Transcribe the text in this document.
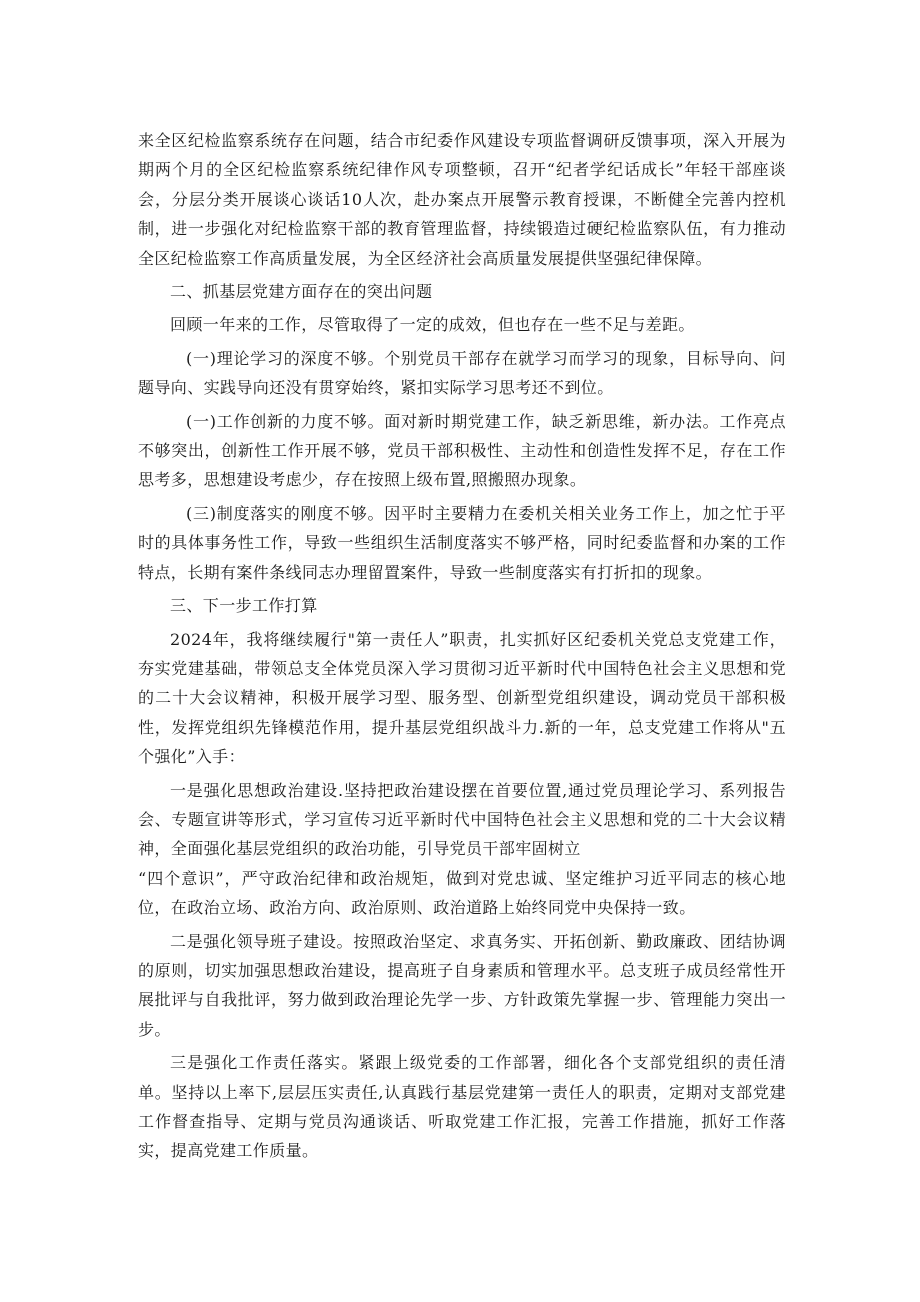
来全区纪检监察系统存在问题，结合市纪委作风建设专项监督调研反馈事项，深入开展为期两个月的全区纪检监察系统纪律作风专项整顿，召开“纪者学纪话成长”年轻干部座谈会，分层分类开展谈心谈话10人次，赴办案点开展警示教育授课，不断健全完善内控机制，进一步强化对纪检监察干部的教育管理监督，持续锻造过硬纪检监察队伍，有力推动全区纪检监察工作高质量发展，为全区经济社会高质量发展提供坚强纪律保障。

二、抓基层党建方面存在的突出问题

回顾一年来的工作，尽管取得了一定的成效，但也存在一些不足与差距。

(一)理论学习的深度不够。个别党员干部存在就学习而学习的现象，目标导向、问题导向、实践导向还没有贯穿始终，紧扣实际学习思考还不到位。

(一)工作创新的力度不够。面对新时期党建工作，缺乏新思维，新办法。工作亮点不够突出，创新性工作开展不够，党员干部积极性、主动性和创造性发挥不足，存在工作思考多，思想建设考虑少，存在按照上级布置,照搬照办现象。

(三)制度落实的刚度不够。因平时主要精力在委机关相关业务工作上，加之忙于平时的具体事务性工作，导致一些组织生活制度落实不够严格，同时纪委监督和办案的工作特点，长期有案件条线同志办理留置案件，导致一些制度落实有打折扣的现象。

三、下一步工作打算

2024年，我将继续履行"第一责任人”职责，扎实抓好区纪委机关党总支党建工作，夯实党建基础，带领总支全体党员深入学习贯彻习近平新时代中国特色社会主义思想和党的二十大会议精神，积极开展学习型、服务型、创新型党组织建设，调动党员干部积极性，发挥党组织先锋模范作用，提升基层党组织战斗力.新的一年，总支党建工作将从"五个强化”入手：

一是强化思想政治建设.坚持把政治建设摆在首要位置,通过党员理论学习、系列报告会、专题宣讲等形式，学习宣传习近平新时代中国特色社会主义思想和党的二十大会议精神，全面强化基层党组织的政治功能，引导党员干部牢固树立

“四个意识”，严守政治纪律和政治规矩，做到对党忠诚、坚定维护习近平同志的核心地位，在政治立场、政治方向、政治原则、政治道路上始终同党中央保持一致。

二是强化领导班子建设。按照政治坚定、求真务实、开拓创新、勤政廉政、团结协调的原则，切实加强思想政治建设，提高班子自身素质和管理水平。总支班子成员经常性开展批评与自我批评，努力做到政治理论先学一步、方针政策先掌握一步、管理能力突出一步。

三是强化工作责任落实。紧跟上级党委的工作部署，细化各个支部党组织的责任清单。坚持以上率下,层层压实责任,认真践行基层党建第一责任人的职责，定期对支部党建工作督查指导、定期与党员沟通谈话、听取党建工作汇报，完善工作措施，抓好工作落实，提高党建工作质量。
